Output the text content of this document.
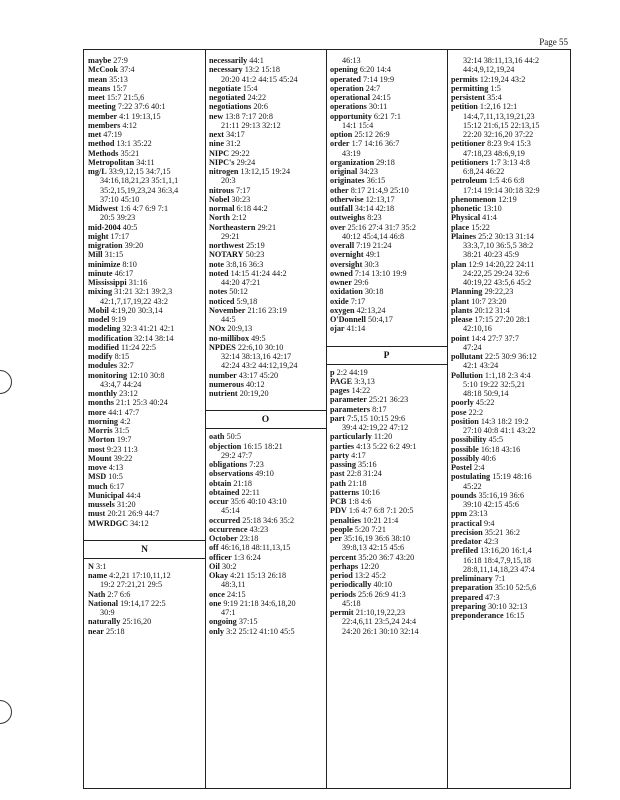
Page 55
maybe 27:9
McCook 37:4
mean 35:13
means 15:7
meet 15:7 21:5,6
meeting 7:22 37:6 40:1
member 4:1 19:13,15
members 4:12
met 47:19
method 13:1 35:22
Methods 35:21
Metropolitan 34:11
mg/L 33:9,12,15 34:7,15
34:16,18,21,23 35:1,1,1
35:2,15,19,23,24 36:3,4
37:10 45:10
Midwest 1:6 4:7 6:9 7:1
20:5 39:23
mid-2004 40:5
might 17:17
migration 39:20
Mill 31:15
minimize 8:10
minute 46:17
Mississippi 31:16
mixing 31:21 32:1 39:2,3
42:1,7,17,19,22 43:2
Mobil 4:19,20 30:3,14
model 9:19
modeling 32:3 41:21 42:1
modification 32:14 38:14
modified 11:24 22:5
modify 8:15
modules 32:7
monitoring 12:10 30:8
43:4,7 44:24
monthly 23:12
months 21:1 25:3 40:24
more 44:1 47:7
morning 4:2
Morris 31:5
Morton 19:7
most 9:23 11:3
Mount 39:22
move 4:13
MSD 10:5
much 6:17
Municipal 44:4
mussels 31:20
must 20:21 26:9 44:7
MWRDGC 34:12
N
N 3:1
name 4:2,21 17:10,11,12
19:2 27:21,21 29:5
Nath 2:7 6:6
National 19:14,17 22:5
30:9
naturally 25:16,20
near 25:18
necessarily 44:1
necessary 13:2 15:18
20:20 41:2 44:15 45:24
negotiate 15:4
negotiated 24:22
negotiations 20:6
new 13:8 7:17 20:8
21:11 29:13 32:12
next 34:17
nine 31:2
NIPC 29:22
NIPC's 29:24
nitrogen 13:12,15 19:24
20:3
nitrous 7:17
Nobel 30:23
normal 6:18 44:2
North 2:12
Northeastern 29:21
29:21
northwest 25:19
NOTARY 50:23
note 3:8,16 36:3
noted 14:15 41:24 44:2
44:20 47:21
notes 50:12
noticed 5:9,18
November 21:16 23:19
44:5
NOx 20:9,13
no-millibox 49:5
NPDES 22:6,10 30:10
32:14 38:13,16 42:17
42:24 43:2 44:12,19,24
number 43:17 45:20
numerous 40:12
nutrient 20:19,20
O
oath 50:5
objection 16:15 18:21
29:2 47:7
obligations 7:23
observations 49:10
obtain 21:18
obtained 22:11
occur 35:6 40:10 43:10
45:14
occurred 25:18 34:6 35:2
occurrence 43:23
October 23:18
off 46:16,18 48:11,13,15
officer 1:3 6:24
Oil 30:2
Okay 4:21 15:13 26:18
48:3,11
once 24:15
one 9:19 21:18 34:6,18,20
47:1
ongoing 37:15
only 3:2 25:12 41:10 45:5
46:13
opening 6:20 14:4
operated 7:14 19:9
operation 24:7
operational 24:15
operations 30:11
opportunity 6:21 7:1
14:1 15:4
option 25:12 26:9
order 1:7 14:16 36:7
43:19
organization 29:18
original 34:23
originates 36:15
other 8:17 21:4,9 25:10
otherwise 12:13,17
outfall 34:14 42:18
outweighs 8:23
over 25:16 27:4 31:7 35:2
40:12 45:4,14 46:8
overall 7:19 21:24
overnight 49:1
oversight 30:3
owned 7:14 13:10 19:9
owner 29:6
oxidation 30:18
oxide 7:17
oxygen 42:13,24
O'Donnell 50:4,17
ojar 41:14
P
p 2:2 44:19
PAGE 3:3,13
pages 14:22
parameter 25:21 36:23
parameters 8:17
part 7:5,15 10:15 29:6
39:4 42:19,22 47:12
particularly 11:20
parties 4:13 5:22 6:2 49:1
party 4:17
passing 35:16
past 22:8 31:24
path 21:18
patterns 10:16
PCB 1:8 4:6
PDV 1:6 4:7 6:8 7:1 20:5
penalties 10:21 21:4
people 5:20 7:21
per 35:16,19 36:6 38:10
39:8,13 42:15 45:6
percent 35:20 36:7 43:20
perhaps 12:20
period 13:2 45:2
periodically 40:10
periods 25:6 26:9 41:3
45:18
permit 21:10,19,22,23
22:4,6,11 23:5,24 24:4
24:20 26:1 30:10 32:14
32:14 38:11,13,16 44:2
44:4,9,12,19,24
permits 12:19,24 43:2
permitting 1:5
persistent 35:4
petition 1:2,16 12:1
14:4,7,11,13,19,21,23
15:12 21:6,15 22:13,15
22:20 32:16,20 37:22
petitioner 8:23 9:4 15:3
47:18,23 48:6,9,19
petitioners 1:7 3:13 4:8
6:8,24 46:22
petroleum 1:5 4:6 6:8
17:14 19:14 30:18 32:9
phenomenon 12:19
phonetic 13:10
Physical 41:4
place 15:22
Plaines 25:2 30:13 31:14
33:3,7,10 36:5,5 38:2
38:21 40:23 45:9
plan 12:9 14:20,22 24:11
24:22,25 29:24 32:6
40:19,22 43:5,6 45:2
Planning 29:22,23
plant 10:7 23:20
plants 20:12 31:4
please 17:15 27:20 28:1
42:10,16
point 14:4 27:7 37:7
47:24
pollutant 22:5 30:9 36:12
42:1 43:24
Pollution 1:1,18 2:3 4:4
5:10 19:22 32:5,21
48:18 50:9,14
poorly 45:22
pose 22:2
position 14:3 18:2 19:2
27:10 40:8 41:1 43:22
possibility 45:5
possible 16:18 43:16
possibly 40:6
Postel 2:4
postulating 15:19 48:16
45:22
pounds 35:16,19 36:6
39:10 42:15 45:6
ppm 23:13
practical 9:4
precision 35:21 36:2
predator 42:3
prefiled 13:16,20 16:1,4
16:18 18:4,7,9,15,18
28:8,11,14,18,23 47:4
preliminary 7:1
preparation 35:10 52:5,6
prepared 47:3
preparing 30:10 32:13
preponderance 16:15
